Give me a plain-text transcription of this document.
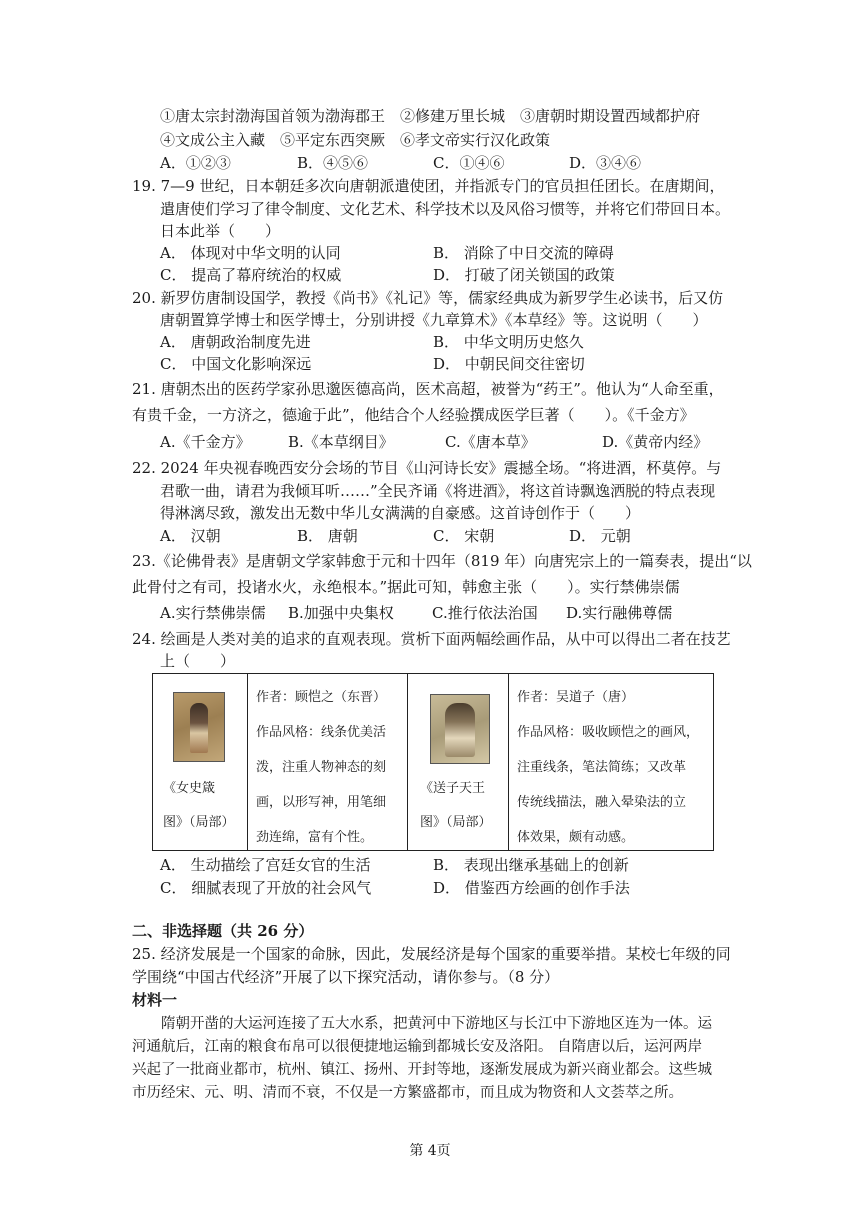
①唐太宗封渤海国首领为渤海郡王　②修建万里长城　③唐朝时期设置西域都护府
④文成公主入藏　⑤平定东西突厥　⑥孝文帝实行汉化政策
A．①②③	B．④⑤⑥	C．①④⑥	D．③④⑥
19. 7—9 世纪，日本朝廷多次向唐朝派遣使团，并指派专门的官员担任团长。在唐期间，
遣唐使们学习了律令制度、文化艺术、科学技术以及风俗习惯等，并将它们带回日本。
日本此举（　　）
A． 体现对中华文明的认同	B． 消除了中日交流的障碍
C． 提高了幕府统治的权威	D． 打破了闭关锁国的政策
20. 新罗仿唐制设国学，教授《尚书》《礼记》等，儒家经典成为新罗学生必读书，后又仿
唐朝置算学博士和医学博士，分别讲授《九章算术》《本草经》等。这说明（　　）
A． 唐朝政治制度先进	B． 中华文明历史悠久
C． 中国文化影响深远	D． 中朝民间交往密切
21. 唐朝杰出的医药学家孙思邈医德高尚，医术高超，被誉为“药王”。他认为“人命至重，
有贵千金，一方济之，德逾于此”，他结合个人经验撰成医学巨著（　　）。《千金方》
A.《千金方》 B.《本草纲目》	C.《唐本草》	D.《黄帝内经》
22. 2024 年央视春晚西安分会场的节目《山河诗长安》震撼全场。“将进酒，杯莫停。与
君歌一曲，请君为我倾耳听……”全民齐诵《将进酒》，将这首诗飘逸洒脱的特点表现
得淋漓尽致，激发出无数中华儿女满满的自豪感。这首诗创作于（　　）
A． 汉朝	B． 唐朝	C． 宋朝	D． 元朝
23.《论佛骨表》是唐朝文学家韩愈于元和十四年（819 年）向唐宪宗上的一篇奏表，提出“以
此骨付之有司，投诸水火，永绝根本。”据此可知，韩愈主张（　　）。实行禁佛崇儒
A.实行禁佛崇儒 B.加强中央集权	C.推行依法治国 D.实行融佛尊儒
24. 绘画是人类对美的追求的直观表现。赏析下面两幅绘画作品，从中可以得出二者在技艺
上（　　）
《女史箴
图》（局部）

作者：顾恺之（东晋）
作品风格：线条优美活
泼，注重人物神态的刻
画，以形写神，用笔细
劲连绵，富有个性。

《送子天王
图》（局部）

作者：吴道子（唐）
作品风格：吸收顾恺之的画风，
注重线条，笔法简练；又改革
传统线描法，融入晕染法的立
体效果，颇有动感。
A． 生动描绘了宫廷女官的生活	B． 表现出继承基础上的创新
C． 细腻表现了开放的社会风气	D． 借鉴西方绘画的创作手法
二、非选择题（共 26 分）
25. 经济发展是一个国家的命脉，因此，发展经济是每个国家的重要举措。某校七年级的同
学围绕“中国古代经济”开展了以下探究活动，请你参与。（8 分）
材料一
　　隋朝开凿的大运河连接了五大水系，把黄河中下游地区与长江中下游地区连为一体。运
河通航后，江南的粮食布帛可以很便捷地运输到都城长安及洛阳。 自隋唐以后，运河两岸
兴起了一批商业都市，杭州、镇江、扬州、开封等地，逐渐发展成为新兴商业都会。这些城
市历经宋、元、明、清而不衰，不仅是一方繁盛都市，而且成为物资和人文荟萃之所。
第 4页
